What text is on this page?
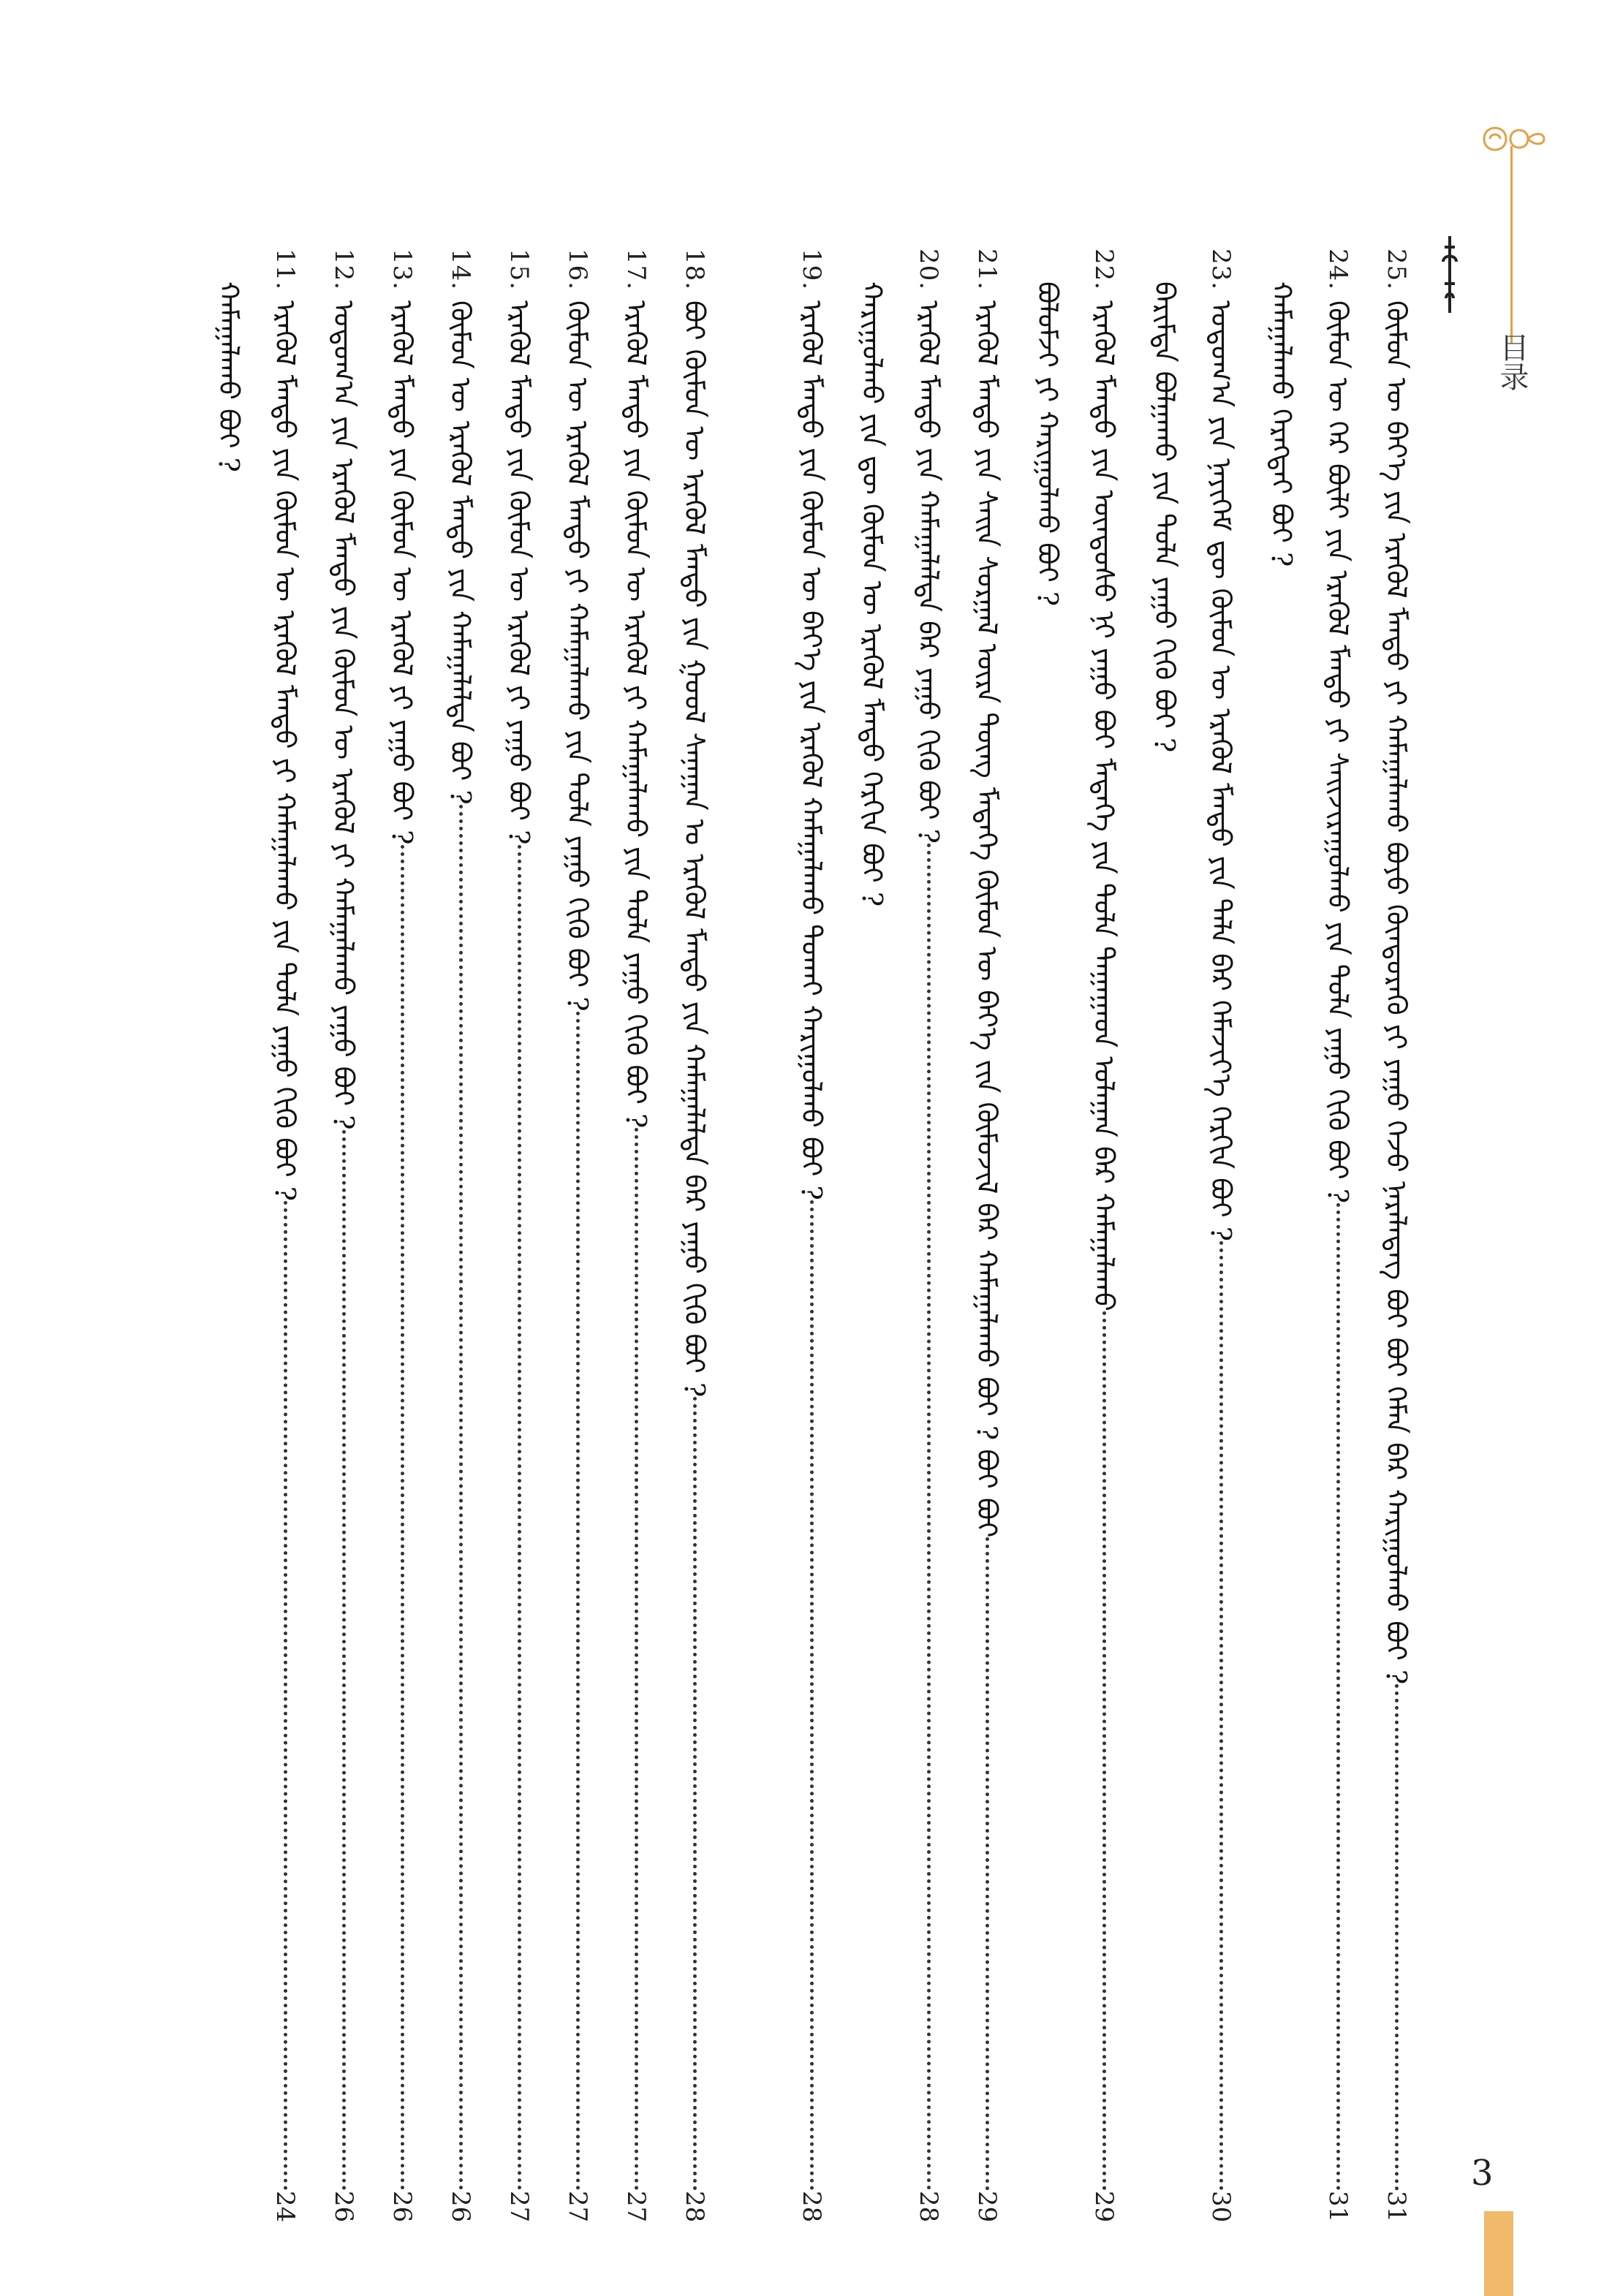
目录
3
25.
ᠬᠦᠮᠦᠨ ᠦ ᠪᠡᠶ᠎ᠡ ᠶᠢᠨ ᠡᠷᠡᠭᠦᠯ ᠮᠡᠨᠳᠦ ᠶᠢ ᠬᠠᠮᠠᠭᠠᠯᠠᠬᠤ ᠪᠤᠶᠤ ᠬᠦᠨᠳᠦᠷᠡᠬᠦ ᠶᠢ ᠶᠠᠭᠤ ᠭᠡᠵᠦ ᠨᠡᠷᠡᠯᠡᠳᠡᠭ ᠪᠤᠢ ᠪᠤᠢ ᠬᠡᠮᠡᠨ ᠪᠠᠷ ᠬᠠᠷᠢᠭᠤᠯᠬᠤ ᠪᠤᠢ ?
31
24.
ᠬᠦᠮᠦᠨ ᠦ ᠭᠡᠷ ᠪᠦᠯᠢ ᠶᠢᠨ ᠡᠷᠡᠭᠦᠯ ᠮᠡᠨᠳᠦ ᠶᠢ ᠰᠠᠢᠵᠢᠷᠠᠭᠤᠯᠬᠤ ᠶᠢᠨ ᠲᠤᠯᠠ ᠶᠠᠭᠤ ᠬᠢᠬᠦ ᠪᠤᠢ ?
31
ᠬᠠᠮᠠᠭᠠᠯᠠᠬᠤ ᠬᠡᠷᠡᠭᠲᠡᠢ ᠪᠤᠢ ?
23.
ᠤᠳᠤᠭ᠎ᠠ ᠶᠢᠨ ᠨᠡᠶᠢᠭᠡᠮ ᠳᠦ ᠬᠦᠮᠦᠨ ᠦ ᠡᠷᠡᠭᠦᠯ ᠮᠡᠨᠳᠦ ᠶᠢᠨ ᠲᠠᠯᠠ ᠪᠠᠷ ᠬᠡᠮᠡᠵᠢᠶ᠎ᠡ ᠬᠡᠷᠬᠢᠨ ᠪᠤᠢ ?
30
ᠪᠠᠷᠢᠮᠲᠠ ᠪᠣᠯᠭᠠᠬᠤ ᠶᠢᠨ ᠲᠤᠯᠠ ᠶᠠᠭᠤ ᠬᠢᠬᠦ ᠪᠤᠢ ?
22.
ᠡᠷᠡᠭᠦᠯ ᠮᠡᠨᠳᠦ ᠶᠢᠨ ᠦᠨᠳᠦᠰᠦ ᠨᠢ ᠶᠠᠭᠤ ᠪᠤᠢ ᠮᠡᠳᠡᠭᠡ ᠶᠢᠨ ᠲᠤᠯᠠ ᠳᠠᠭᠠᠭᠠᠳ ᠤᠯᠠᠭᠠᠨ ᠪᠠᠷ ᠬᠠᠮᠠᠭᠠᠯᠠᠬᠤ
29
ᠪᠣᠯᠤᠮᠵᠢ ᠶᠢ ᠬᠠᠷᠢᠭᠤᠯᠬᠤ ᠪᠤᠢ ?
21.
ᠡᠷᠡᠭᠦᠯ ᠮᠡᠨᠳᠦ ᠶᠢᠨ ᠰᠠᠢᠨ ᠰᠤᠷᠭᠠᠯ ᠦᠷᠡ ᠳᠦᠩ ᠮᠡᠳᠡᠭᠡ ᠬᠦᠮᠦᠨ ᠦ ᠪᠡᠶ᠎ᠡ ᠵᠢᠨ ᠬᠦᠮᠦᠵᠢᠯ ᠪᠠᠷ ᠬᠠᠮᠠᠭᠠᠯᠠᠬᠤ ᠪᠤᠢ ? ᠪᠤᠢ ᠪᠤᠢ
29
20.
ᠡᠷᠡᠭᠦᠯ ᠮᠡᠨᠳᠦ ᠶᠢᠨ ᠬᠠᠮᠠᠭᠠᠯᠠᠯᠲᠠ ᠪᠠᠷ ᠶᠠᠭᠤ ᠬᠢᠬᠦ ᠪᠤᠢ ?
28
19.
ᠡᠷᠡᠭᠦᠯ ᠮᠡᠨᠳᠦ ᠶᠢᠨ ᠬᠦᠮᠦᠨ ᠦ ᠪᠡᠶ᠎ᠡ ᠶᠢᠨ ᠡᠷᠡᠭᠦᠯ ᠬᠠᠮᠠᠭᠠᠯᠠᠬᠤ ᠲᠤᠬᠠᠢ ᠬᠠᠷᠢᠭᠤᠯᠬᠤ ᠪᠤᠢ ?
28
ᠬᠠᠷᠢᠭᠤᠯᠬᠤ ᠶᠢᠨ ᠳᠦ ᠬᠦᠮᠦᠨ ᠦ ᠡᠷᠡᠭᠦᠯ ᠮᠡᠨᠳᠦ ᠬᠡᠷᠬᠢᠨ ᠪᠤᠢ ?
18.
ᠪᠤᠢ ᠬᠦᠮᠦᠨ ᠦ ᠡᠷᠡᠭᠦᠯ ᠮᠡᠨᠳᠦ ᠶᠢᠨ ᠭᠤᠤᠯ ᠰᠠᠨᠠᠭᠠᠨ ᠤ ᠡᠷᠡᠭᠦᠯ ᠮᠡᠨᠳᠦ ᠶᠢᠨ ᠬᠠᠮᠠᠭᠠᠯᠠᠯᠲᠠ ᠪᠠᠷ ᠶᠠᠭᠤ ᠬᠢᠬᠦ ᠪᠤᠢ ?
28
17.
ᠡᠷᠡᠭᠦᠯ ᠮᠡᠨᠳᠦ ᠶᠢᠨ ᠬᠦᠮᠦᠨ ᠦ ᠡᠷᠡᠭᠦᠯ ᠶᠢ ᠬᠠᠮᠠᠭᠠᠯᠠᠬᠤ ᠶᠢᠨ ᠲᠤᠯᠠ ᠶᠠᠭᠤ ᠬᠢᠬᠦ ᠪᠤᠢ ?
27
16.
ᠬᠦᠮᠦᠨ ᠦ ᠡᠷᠡᠭᠦᠯ ᠮᠡᠨᠳᠦ ᠶᠢ ᠬᠠᠮᠠᠭᠠᠯᠠᠬᠤ ᠶᠢᠨ ᠲᠤᠯᠠ ᠶᠠᠭᠤ ᠬᠢᠬᠦ ᠪᠤᠢ ?
27
15.
ᠡᠷᠡᠭᠦᠯ ᠮᠡᠨᠳᠦ ᠶᠢᠨ ᠬᠦᠮᠦᠨ ᠦ ᠡᠷᠡᠭᠦᠯ ᠶᠢ ᠶᠠᠭᠤ ᠪᠤᠢ ?
27
14.
ᠬᠦᠮᠦᠨ ᠦ ᠡᠷᠡᠭᠦᠯ ᠮᠡᠨᠳᠦ ᠶᠢᠨ ᠬᠠᠮᠠᠭᠠᠯᠠᠯᠲᠠ ᠪᠤᠢ ?
26
13.
ᠡᠷᠡᠭᠦᠯ ᠮᠡᠨᠳᠦ ᠶᠢᠨ ᠬᠦᠮᠦᠨ ᠦ ᠡᠷᠡᠭᠦᠯ ᠶᠢ ᠶᠠᠭᠤ ᠪᠤᠢ ?
26
12.
ᠤᠳᠤᠭ᠎ᠠ ᠶᠢᠨ ᠡᠷᠡᠭᠦᠯ ᠮᠡᠨᠳᠦ ᠶᠢᠨ ᠬᠦᠮᠦᠨ ᠦ ᠡᠷᠡᠭᠦᠯ ᠶᠢ ᠬᠠᠮᠠᠭᠠᠯᠠᠬᠤ ᠶᠠᠭᠤ ᠪᠤᠢ ?
26
11.
ᠡᠷᠡᠭᠦᠯ ᠮᠡᠨᠳᠦ ᠶᠢᠨ ᠬᠦᠮᠦᠨ ᠦ ᠡᠷᠡᠭᠦᠯ ᠮᠡᠨᠳᠦ ᠶᠢ ᠬᠠᠮᠠᠭᠠᠯᠠᠬᠤ ᠶᠢᠨ ᠲᠤᠯᠠ ᠶᠠᠭᠤ ᠬᠢᠬᠦ ᠪᠤᠢ ?
24
ᠬᠠᠮᠠᠭᠠᠯᠠᠬᠤ ᠪᠤᠢ ?
